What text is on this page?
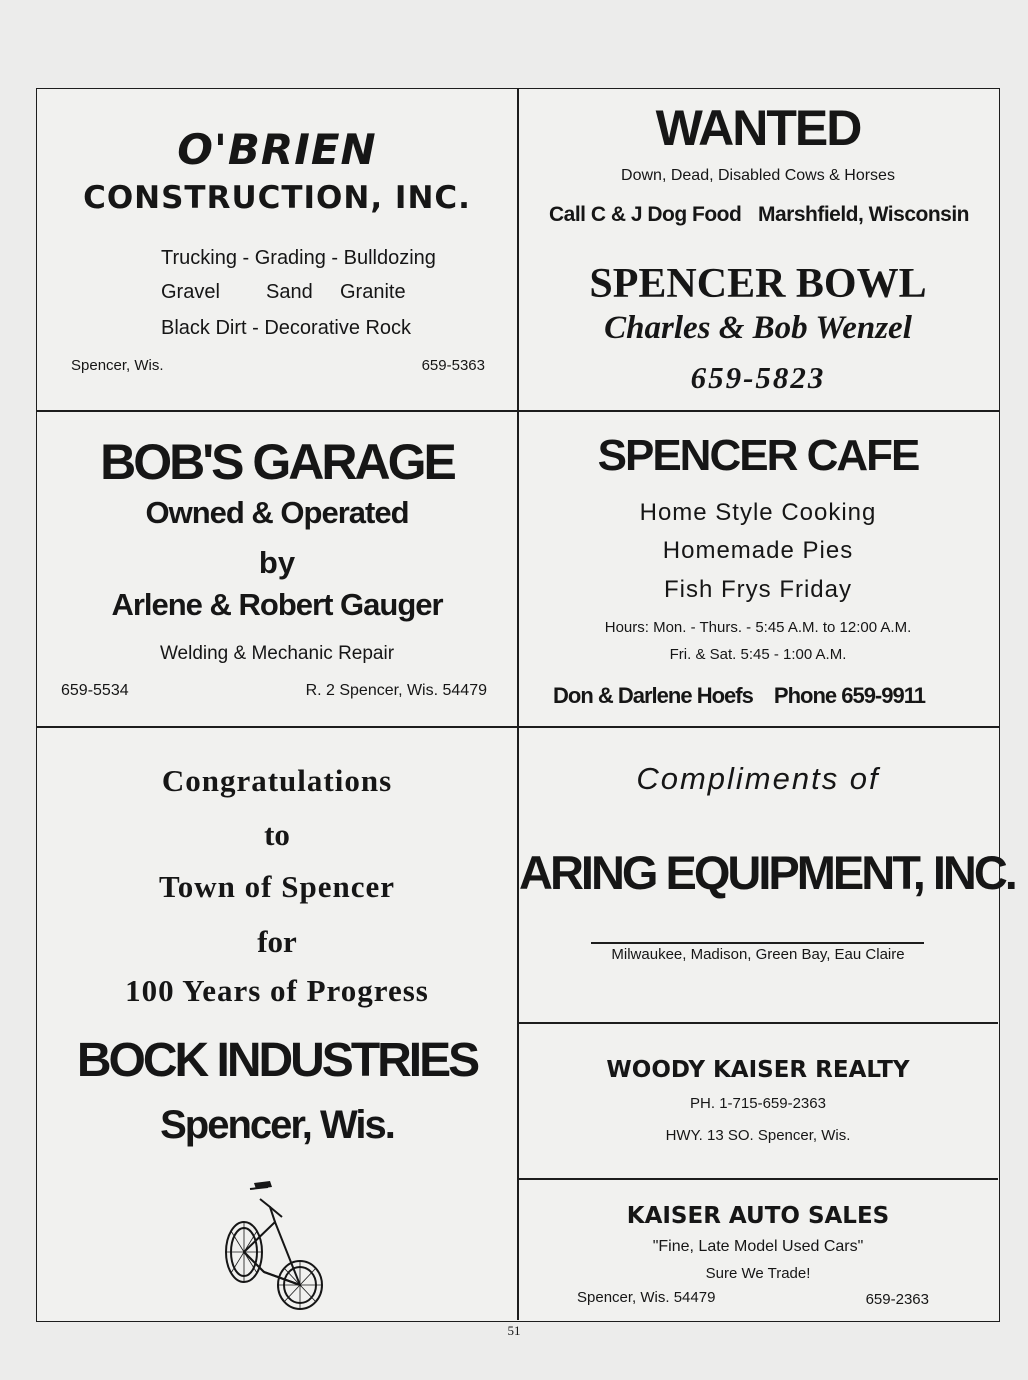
O'BRIEN
CONSTRUCTION, INC.
Trucking - Grading - Bulldozing
Gravel Sand Granite
Black Dirt - Decorative Rock
Spencer, Wis.	659-5363
WANTED
Down, Dead, Disabled Cows & Horses
Call C & J Dog Food Marshfield, Wisconsin
SPENCER BOWL
Charles & Bob Wenzel
659-5823
BOB'S GARAGE
Owned & Operated
by
Arlene & Robert Gauger
Welding & Mechanic Repair
659-5534	R. 2 Spencer, Wis. 54479
SPENCER CAFE
Home Style Cooking
Homemade Pies
Fish Frys Friday
Hours: Mon. - Thurs. - 5:45 A.M. to 12:00 A.M.
Fri. & Sat. 5:45 - 1:00 A.M.
Don & Darlene Hoefs Phone 659-9911
Congratulations
to
Town of Spencer
for
100 Years of Progress
BOCK INDUSTRIES
Spencer, Wis.
Compliments of
ARING EQUIPMENT, INC.
Milwaukee, Madison, Green Bay, Eau Claire
WOODY KAISER REALTY
PH. 1-715-659-2363
HWY. 13 SO. Spencer, Wis.
KAISER AUTO SALES
"Fine, Late Model Used Cars"
Sure We Trade!
Spencer, Wis. 54479	659-2363
51
